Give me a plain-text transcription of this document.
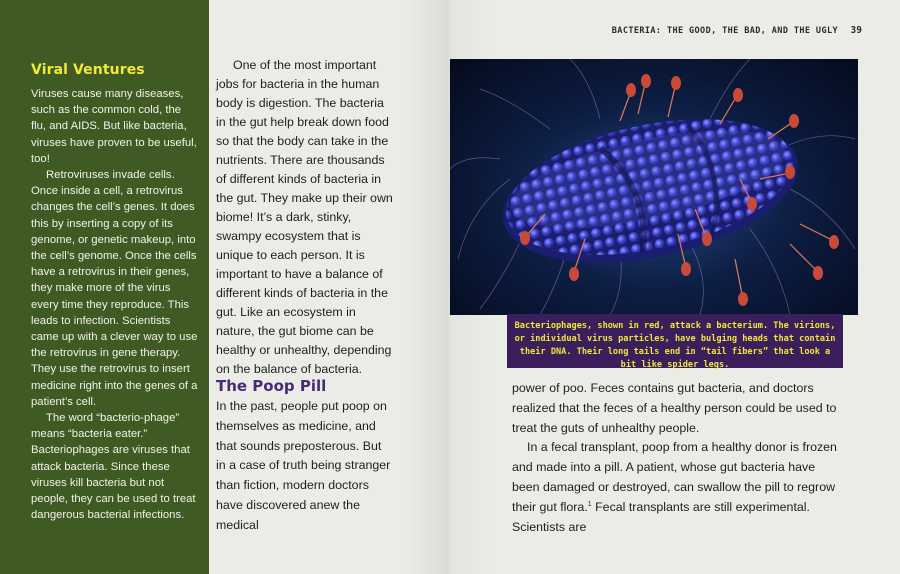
Viral Ventures

Viruses cause many diseases, such as the common cold, the flu, and AIDS. But like bacteria, viruses have proven to be useful, too!

Retroviruses invade cells. Once inside a cell, a retrovirus changes the cell’s genes. It does this by inserting a copy of its genome, or genetic makeup, into the cell’s genome. Once the cells have a retrovirus in their genes, they make more of the virus every time they reproduce. This leads to infection. Scientists came up with a clever way to use the retrovirus in gene therapy. They use the retrovirus to insert medicine right into the genes of a patient’s cell.

The word “bacterio-phage” means “bacteria eater.” Bacteriophages are viruses that attack bacteria. Since these viruses kill bacteria but not people, they can be used to treat dangerous bacterial infections.

One of the most important jobs for bacteria in the human body is digestion. The bacteria in the gut help break down food so that the body can take in the nutrients. There are thousands of different kinds of bacteria in the gut. They make up their own biome! It’s a dark, stinky, swampy ecosystem that is unique to each person. It is important to have a balance of different kinds of bacteria in the gut. Like an ecosystem in nature, the gut biome can be healthy or unhealthy, depending on the balance of bacteria.

The Poop Pill

In the past, people put poop on themselves as medicine, and that sounds preposterous. But in a case of truth being stranger than fiction, modern doctors have discovered anew the medical

BACTERIA: THE GOOD, THE BAD, AND THE UGLY 39
Bacteriophages, shown in red, attack a bacterium. The virions, or individual virus particles, have bulging heads that contain their DNA. Their long tails end in “tail fibers” that look a bit like spider legs.

power of poo. Feces contains gut bacteria, and doctors realized that the feces of a healthy person could be used to treat the guts of unhealthy people.

In a fecal transplant, poop from a healthy donor is frozen and made into a pill. A patient, whose gut bacteria have been damaged or destroyed, can swallow the pill to regrow their gut flora.$^1$ Fecal transplants are still experimental. Scientists are
